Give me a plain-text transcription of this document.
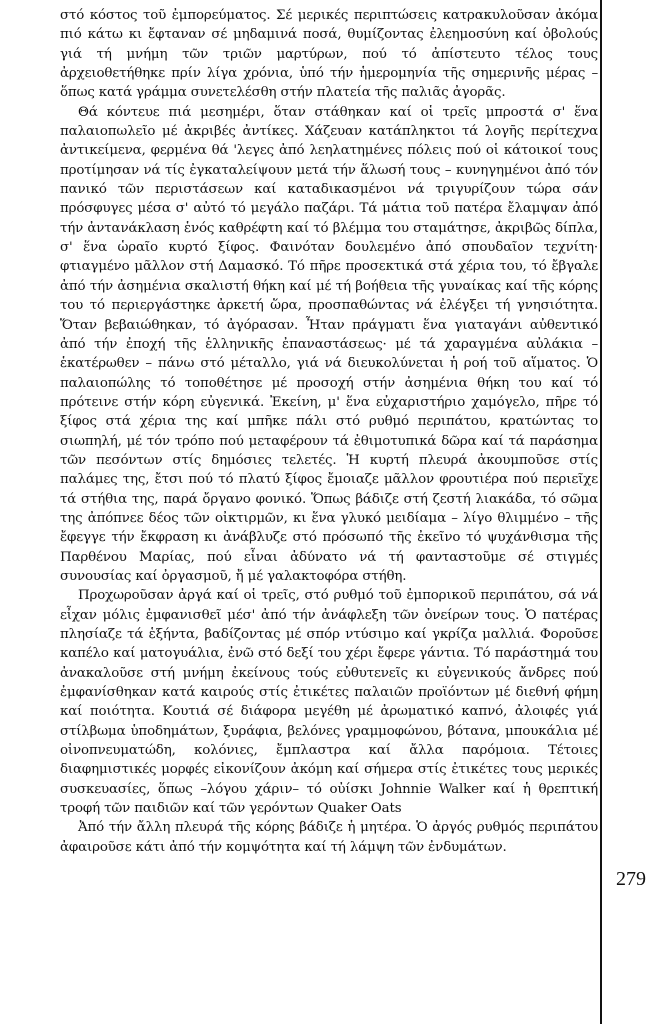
στό κόστος τοῦ ἐμπορεύματος. Σέ μερικές περιπτώσεις κατρακυλοῦσαν ἀκόμα πιό κάτω κι ἔφταναν σέ μηδαμινά ποσά, θυμίζοντας ἐλεημοσύνη καί ὀβολούς γιά τή μνήμη τῶν τριῶν μαρτύρων, πού τό ἀπίστευτο τέλος τους ἀρχειοθετήθηκε πρίν λίγα χρόνια, ὑπό τήν ἡμερομηνία τῆς σημερινῆς μέρας – ὅπως κατά γράμμα συνετελέσθη στήν πλατεία τῆς παλιᾶς ἀγορᾶς.

Θά κόντευε πιά μεσημέρι, ὅταν στάθηκαν καί οἱ τρεῖς μπροστά σ' ἕνα παλαιοπωλεῖο μέ ἀκριβές ἀντίκες. Χάζευαν κατάπληκτοι τά λογῆς περίτεχνα ἀντικείμενα, φερμένα θά 'λεγες ἀπό λεηλατημένες πόλεις πού οἱ κάτοικοί τους προτίμησαν νά τίς ἐγκαταλείψουν μετά τήν ἅλωσή τους – κυνηγημένοι ἀπό τόν πανικό τῶν περιστάσεων καί καταδικασμένοι νά τριγυρίζουν τώρα σάν πρόσφυγες μέσα σ' αὐτό τό μεγάλο παζάρι. Τά μάτια τοῦ πατέρα ἔλαμψαν ἀπό τήν ἀντανάκλαση ἑνός καθρέφτη καί τό βλέμμα του σταμάτησε, ἀκριβῶς δίπλα, σ' ἕνα ὡραῖο κυρτό ξίφος. Φαινόταν δουλεμένο ἀπό σπουδαῖον τεχνίτη· φτιαγμένο μᾶλλον στή Δαμασκό. Τό πῆρε προσεκτικά στά χέρια του, τό ἔβγαλε ἀπό τήν ἀσημένια σκαλιστή θήκη καί μέ τή βοήθεια τῆς γυναίκας καί τῆς κόρης του τό περιεργάστηκε ἀρκετή ὥρα, προσπαθώντας νά ἐλέγξει τή γνησιότητα. Ὅταν βεβαιώθηκαν, τό ἀγόρασαν. Ἦταν πράγματι ἕνα γιαταγάνι αὐθεντικό ἀπό τήν ἐποχή τῆς ἑλληνικῆς ἐπαναστάσεως· μέ τά χαραγμένα αὐλάκια – ἑκατέρωθεν – πάνω στό μέταλλο, γιά νά διευκολύνεται ἡ ροή τοῦ αἵματος. Ὁ παλαιοπώλης τό τοποθέτησε μέ προσοχή στήν ἀσημένια θήκη του καί τό πρότεινε στήν κόρη εὐγενικά. Ἐκείνη, μ' ἕνα εὐχαριστήριο χαμόγελο, πῆρε τό ξίφος στά χέρια της καί μπῆκε πάλι στό ρυθμό περιπάτου, κρατώντας το σιωπηλή, μέ τόν τρόπο πού μεταφέρουν τά ἐθιμοτυπικά δῶρα καί τά παράσημα τῶν πεσόντων στίς δημόσιες τελετές. Ἡ κυρτή πλευρά ἀκουμποῦσε στίς παλάμες της, ἔτσι πού τό πλατύ ξίφος ἔμοιαζε μᾶλλον φρουτιέρα πού περιεῖχε τά στήθια της, παρά ὄργανο φονικό. Ὅπως βάδιζε στή ζεστή λιακάδα, τό σῶμα της ἀπόπνεε δέος τῶν οἰκτιρμῶν, κι ἕνα γλυκό μειδίαμα – λίγο θλιμμένο – τῆς ἔφεγγε τήν ἔκφραση κι ἀνάβλυζε στό πρόσωπό τῆς ἐκεῖνο τό ψυχάνθισμα τῆς Παρθένου Μαρίας, πού εἶναι ἀδύνατο νά τή φανταστοῦμε σέ στιγμές συνουσίας καί ὀργασμοῦ, ἤ μέ γαλακτοφόρα στήθη.

Προχωροῦσαν ἀργά καί οἱ τρεῖς, στό ρυθμό τοῦ ἐμπορικοῦ περιπάτου, σά νά εἶχαν μόλις ἐμφανισθεῖ μέσ' ἀπό τήν ἀνάφλεξη τῶν ὀνείρων τους. Ὁ πατέρας πλησίαζε τά ἑξήντα, βαδίζοντας μέ σπόρ ντύσιμο καί γκρίζα μαλλιά. Φοροῦσε καπέλο καί ματογυάλια, ἐνῶ στό δεξί του χέρι ἔφερε γάντια. Τό παράστημά του ἀνακαλοῦσε στή μνήμη ἐκείνους τούς εὐθυτενεῖς κι εὐγενικούς ἄνδρες πού ἐμφανίσθηκαν κατά καιρούς στίς ἐτικέτες παλαιῶν προϊόντων μέ διεθνή φήμη καί ποιότητα. Κουτιά σέ διάφορα μεγέθη μέ ἀρωματικό καπνό, ἀλοιφές γιά στίλβωμα ὑποδημάτων, ξυράφια, βελόνες γραμμοφώνου, βότανα, μπουκάλια μέ οἰνοπνευματώδη, κολόνιες, ἔμπλαστρα καί ἄλλα παρόμοια. Τέτοιες διαφημιστικές μορφές εἰκονίζουν ἀκόμη καί σήμερα στίς ἐτικέτες τους μερικές συσκευασίες, ὅπως –λόγου χάριν– τό οὐίσκι Johnnie Walker καί ἡ θρεπτική τροφή τῶν παιδιῶν καί τῶν γερόντων Quaker Oats

Ἀπό τήν ἄλλη πλευρά τῆς κόρης βάδιζε ἡ μητέρα. Ὁ ἀργός ρυθμός περιπάτου ἀφαιροῦσε κάτι ἀπό τήν κομψότητα καί τή λάμψη τῶν ἐνδυμάτων.

279
